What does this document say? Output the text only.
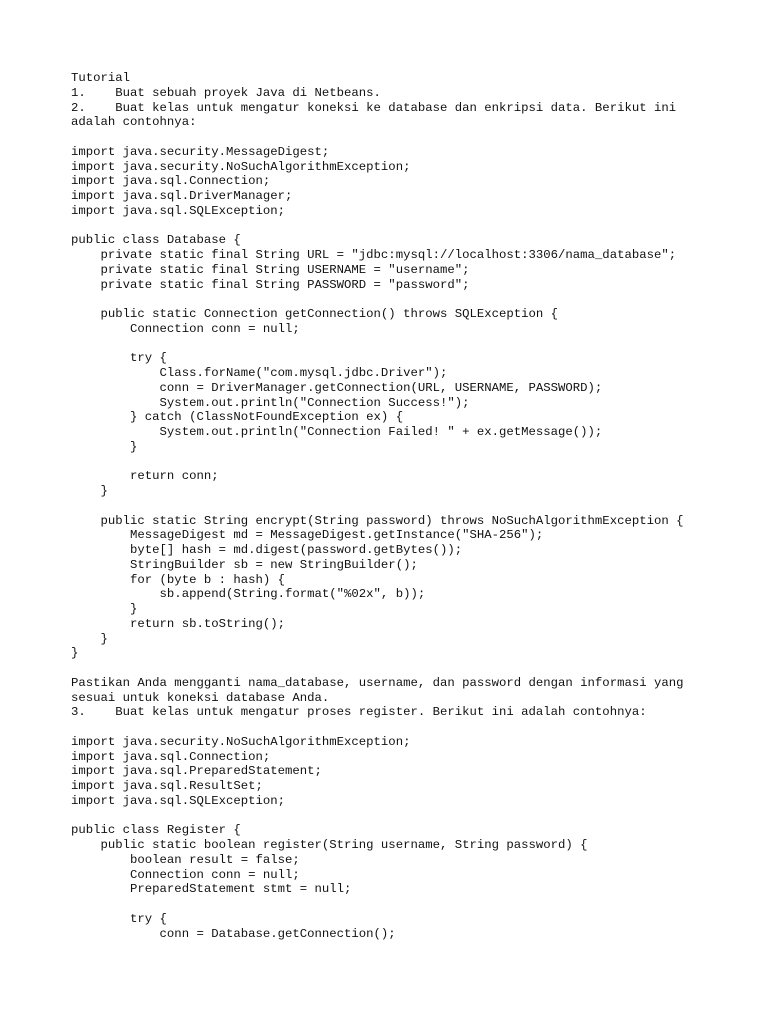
Tutorial
1.    Buat sebuah proyek Java di Netbeans.
2.    Buat kelas untuk mengatur koneksi ke database dan enkripsi data. Berikut ini
adalah contohnya:
import java.security.MessageDigest;
import java.security.NoSuchAlgorithmException;
import java.sql.Connection;
import java.sql.DriverManager;
import java.sql.SQLException;
public class Database {
private static final String URL = "jdbc:mysql://localhost:3306/nama_database";
private static final String USERNAME = "username";
private static final String PASSWORD = "password";
public static Connection getConnection() throws SQLException {
Connection conn = null;
try {
Class.forName("com.mysql.jdbc.Driver");
conn = DriverManager.getConnection(URL, USERNAME, PASSWORD);
System.out.println("Connection Success!");
} catch (ClassNotFoundException ex) {
System.out.println("Connection Failed! " + ex.getMessage());
}
return conn;
}
public static String encrypt(String password) throws NoSuchAlgorithmException {
MessageDigest md = MessageDigest.getInstance("SHA-256");
byte[] hash = md.digest(password.getBytes());
StringBuilder sb = new StringBuilder();
for (byte b : hash) {
sb.append(String.format("%02x", b));
}
return sb.toString();
}
}
Pastikan Anda mengganti nama_database, username, dan password dengan informasi yang
sesuai untuk koneksi database Anda.
3.    Buat kelas untuk mengatur proses register. Berikut ini adalah contohnya:
import java.security.NoSuchAlgorithmException;
import java.sql.Connection;
import java.sql.PreparedStatement;
import java.sql.ResultSet;
import java.sql.SQLException;
public class Register {
public static boolean register(String username, String password) {
boolean result = false;
Connection conn = null;
PreparedStatement stmt = null;
try {
conn = Database.getConnection();
